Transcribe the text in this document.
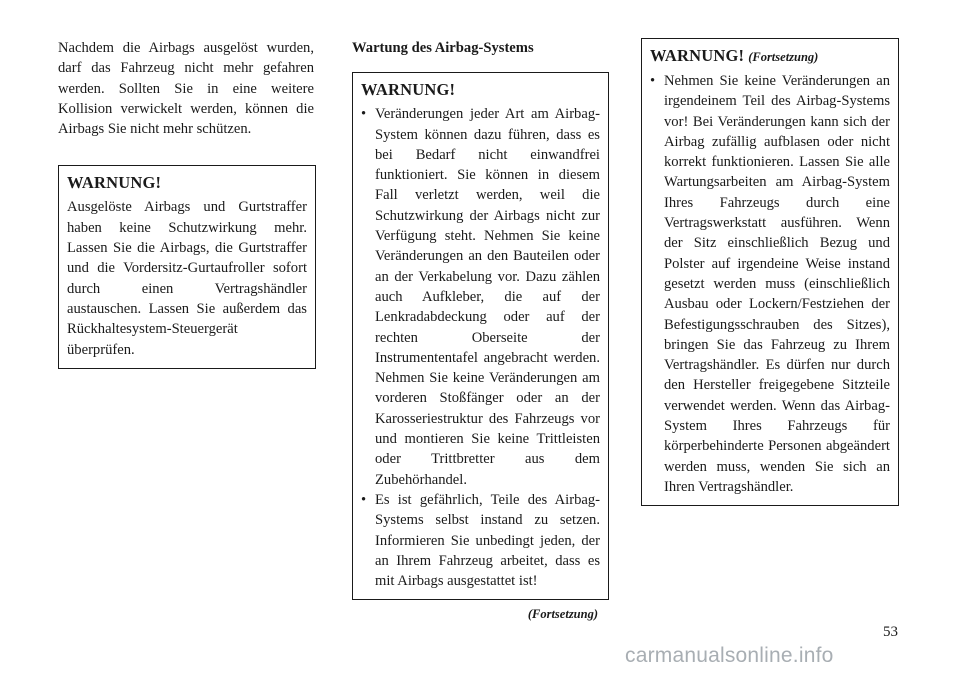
Nachdem die Airbags ausgelöst wurden, darf das Fahrzeug nicht mehr gefahren werden. Sollten Sie in eine weitere Kollision verwickelt werden, können die Airbags Sie nicht mehr schützen.

WARNUNG!

Ausgelöste Airbags und Gurtstraffer haben keine Schutzwirkung mehr. Lassen Sie die Airbags, die Gurtstraffer und die Vordersitz-Gurtaufroller sofort durch einen Vertragshändler austauschen. Lassen Sie außerdem das Rückhaltesystem-Steuergerät überprüfen.

Wartung des Airbag-Systems

WARNUNG!
• Veränderungen jeder Art am Airbag-System können dazu führen, dass es bei Bedarf nicht einwandfrei funktioniert. Sie können in diesem Fall verletzt werden, weil die Schutzwirkung der Airbags nicht zur Verfügung steht. Nehmen Sie keine Veränderungen an den Bauteilen oder an der Verkabelung vor. Dazu zählen auch Aufkleber, die auf der Lenkradabdeckung oder auf der rechten Oberseite der Instrumententafel angebracht werden. Nehmen Sie keine Veränderungen am vorderen Stoßfänger oder an der Karosseriestruktur des Fahrzeugs vor und montieren Sie keine Trittleisten oder Trittbretter aus dem Zubehörhandel.
• Es ist gefährlich, Teile des Airbag-Systems selbst instand zu setzen. Informieren Sie unbedingt jeden, der an Ihrem Fahrzeug arbeitet, dass es mit Airbags ausgestattet ist!
(Fortsetzung)
WARNUNG! (Fortsetzung)
• Nehmen Sie keine Veränderungen an irgendeinem Teil des Airbag-Systems vor! Bei Veränderungen kann sich der Airbag zufällig aufblasen oder nicht korrekt funktionieren. Lassen Sie alle Wartungsarbeiten am Airbag-System Ihres Fahrzeugs durch eine Vertragswerkstatt ausführen. Wenn der Sitz einschließlich Bezug und Polster auf irgendeine Weise instand gesetzt werden muss (einschließlich Ausbau oder Lockern/Festziehen der Befestigungsschrauben des Sitzes), bringen Sie das Fahrzeug zu Ihrem Vertragshändler. Es dürfen nur durch den Hersteller freigegebene Sitzteile verwendet werden. Wenn das Airbag-System Ihres Fahrzeugs für körperbehinderte Personen abgeändert werden muss, wenden Sie sich an Ihren Vertragshändler.
53
carmanualsonline.info
